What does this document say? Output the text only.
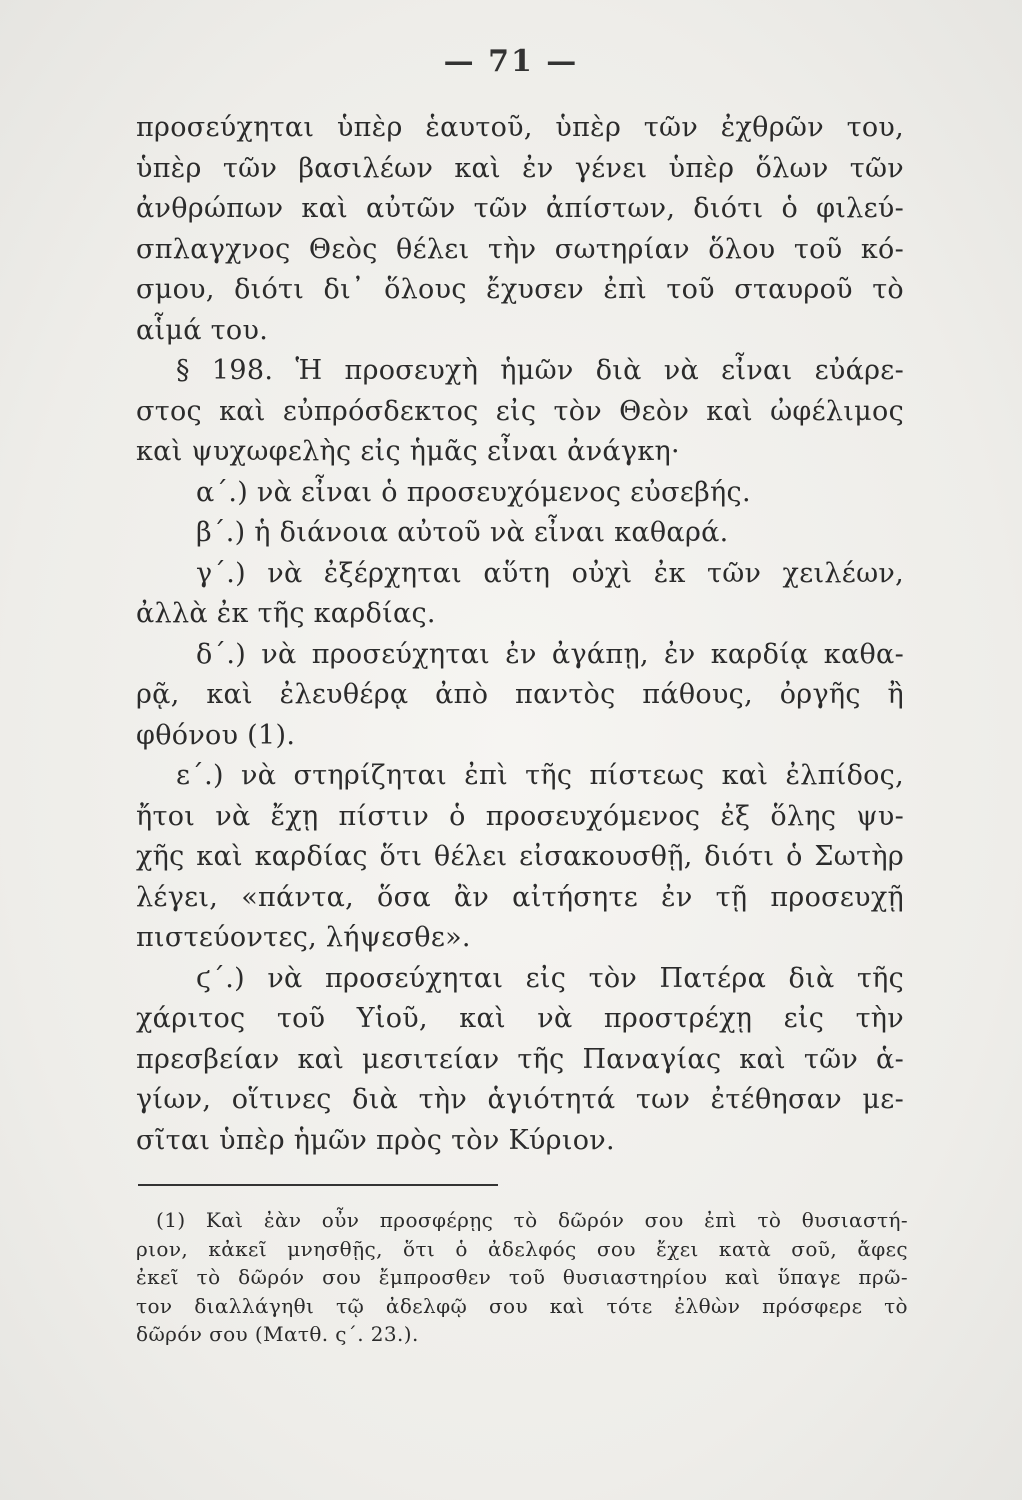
— 71 —
προσεύχηται ὑπὲρ ἑαυτοῦ, ὑπὲρ τῶν ἐχθρῶν του,
ὑπὲρ τῶν βασιλέων καὶ ἐν γένει ὑπὲρ ὅλων τῶν
ἀνθρώπων καὶ αὐτῶν τῶν ἀπίστων, διότι ὁ φιλεύ-
σπλαγχνος Θεὸς θέλει τὴν σωτηρίαν ὅλου τοῦ κό-
σμου, διότι δι᾿ ὅλους ἔχυσεν ἐπὶ τοῦ σταυροῦ τὸ
αἷμά του.
§ 198. Ἡ προσευχὴ ἡμῶν διὰ νὰ εἶναι εὐάρε-
στος καὶ εὐπρόσδεκτος εἰς τὸν Θεὸν καὶ ὠφέλιμος
καὶ ψυχωφελὴς εἰς ἡμᾶς εἶναι ἀνάγκη·
α΄.) νὰ εἶναι ὁ προσευχόμενος εὐσεβής.
β΄.) ἡ διάνοια αὐτοῦ νὰ εἶναι καθαρά.
γ΄.) νὰ ἐξέρχηται αὕτη οὐχὶ ἐκ τῶν χειλέων,
ἀλλὰ ἐκ τῆς καρδίας.
δ΄.) νὰ προσεύχηται ἐν ἀγάπῃ, ἐν καρδίᾳ καθα-
ρᾷ, καὶ ἐλευθέρᾳ ἀπὸ παντὸς πάθους, ὀργῆς ἢ
φθόνου (1).
ε΄.) νὰ στηρίζηται ἐπὶ τῆς πίστεως καὶ ἐλπίδος,
ἤτοι νὰ ἔχῃ πίστιν ὁ προσευχόμενος ἐξ ὅλης ψυ-
χῆς καὶ καρδίας ὅτι θέλει εἰσακουσθῇ, διότι ὁ Σωτὴρ
λέγει, «πάντα, ὅσα ἂν αἰτήσητε ἐν τῇ προσευχῇ
πιστεύοντες, λήψεσθε».
ϛ΄.) νὰ προσεύχηται εἰς τὸν Πατέρα διὰ τῆς
χάριτος τοῦ Υἱοῦ, καὶ νὰ προστρέχῃ εἰς τὴν
πρεσβείαν καὶ μεσιτείαν τῆς Παναγίας καὶ τῶν ἁ-
γίων, οἵτινες διὰ τὴν ἁγιότητά των ἐτέθησαν με-
σῖται ὑπὲρ ἡμῶν πρὸς τὸν Κύριον.
(1) Καὶ ἐὰν οὖν προσφέρῃς τὸ δῶρόν σου ἐπὶ τὸ θυσιαστή-
ριον, κἀκεῖ μνησθῇς, ὅτι ὁ ἀδελφός σου ἔχει κατὰ σοῦ, ἄφες
ἐκεῖ τὸ δῶρόν σου ἔμπροσθεν τοῦ θυσιαστηρίου καὶ ὕπαγε πρῶ-
τον διαλλάγηθι τῷ ἀδελφῷ σου καὶ τότε ἐλθὼν πρόσφερε τὸ
δῶρόν σου (Ματθ. ς΄. 23.).
